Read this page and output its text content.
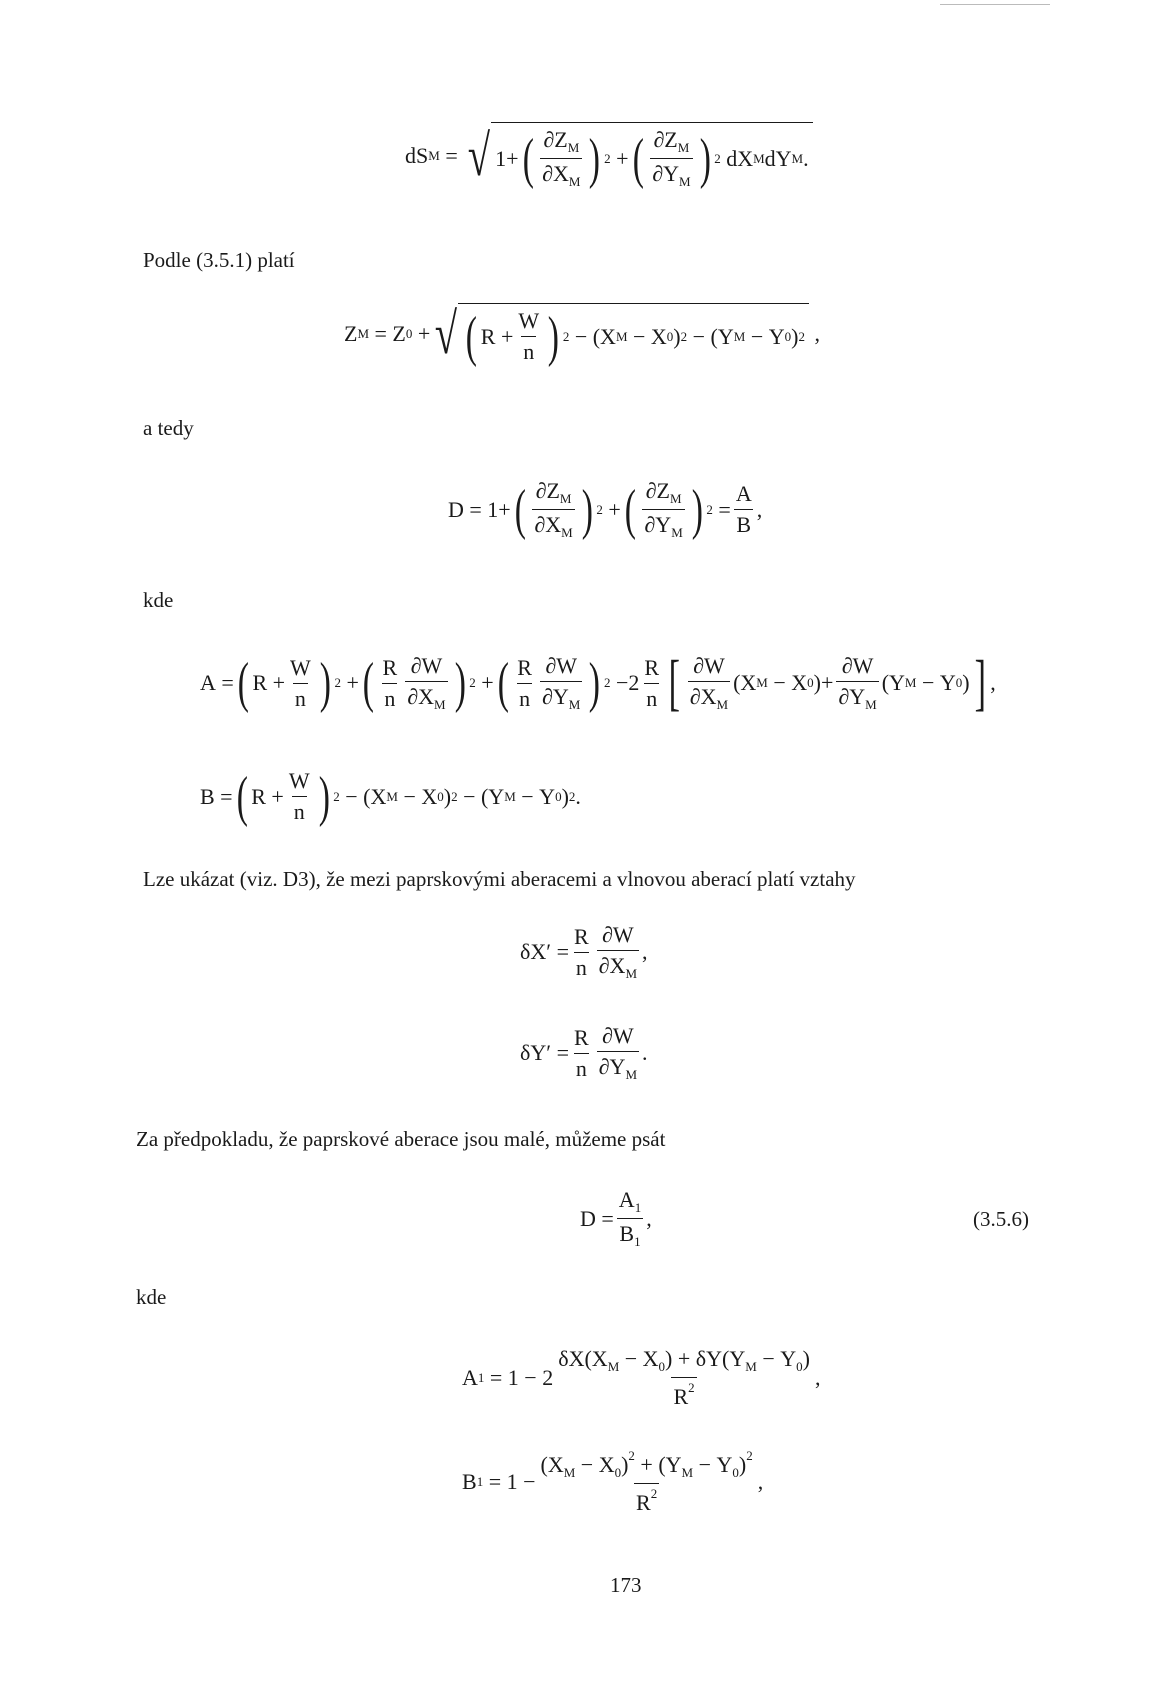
dS M = √ 1+ ( $\frac{\partial Z_M}{\partial X_M}$ ) 2 + ( $\frac{\partial Z_M}{\partial Y_M}$ ) 2 dX M dY M .
Podle (3.5.1) platí
Z M = Z 0 + √ ( $R + \frac{W}{n}$ ) 2 − (X M − X 0 ) 2 − (Y M − Y 0 ) 2 ,
a tedy
D = 1+ ( $\frac{\partial Z_M}{\partial X_M}$ ) 2 + ( $\frac{\partial Z_M}{\partial Y_M}$ ) $2 = \frac{A}{B}$ ,
kde
A = ( $R + \frac{W}{n}$ ) 2 + ( $\frac{R}{n} \frac{\partial W}{\partial X_M}$ ) 2 + ( $\frac{R}{n} \frac{\partial W}{\partial Y_M}$ ) $2 -2 \frac{R}{n}$ [ $\frac{\partial W}{\partial X_M} (X$ M − X 0 )+ $\frac{\partial W}{\partial Y_M} (Y$ M − Y 0 ) ] ,
B = ( $R + \frac{W}{n}$ ) 2 − (X M − X 0 ) 2 − (Y M − Y 0 ) 2 .
Lze ukázat (viz. D3), že mezi paprskovými aberacemi a vlnovou aberací platí vztahy
$\delta X' = \frac{R}{n} \frac{\partial W}{\partial X_M}$ ,
$\delta Y' = \frac{R}{n} \frac{\partial W}{\partial Y_M}$ .
Za předpokladu, že paprskové aberace jsou malé, můžeme psát
$D = \frac{A_1}{B_1}$ ,	(3.5.6)
kde
A $1 = 1 - 2 \frac{\delta X(X_M - X_0) + \delta Y(Y_M - Y_0)}{R^2}$ ,
B $1 = 1 - \frac{(X_M - X_0)^2 + (Y_M - Y_0)^2}{R^2}$ ,
173
